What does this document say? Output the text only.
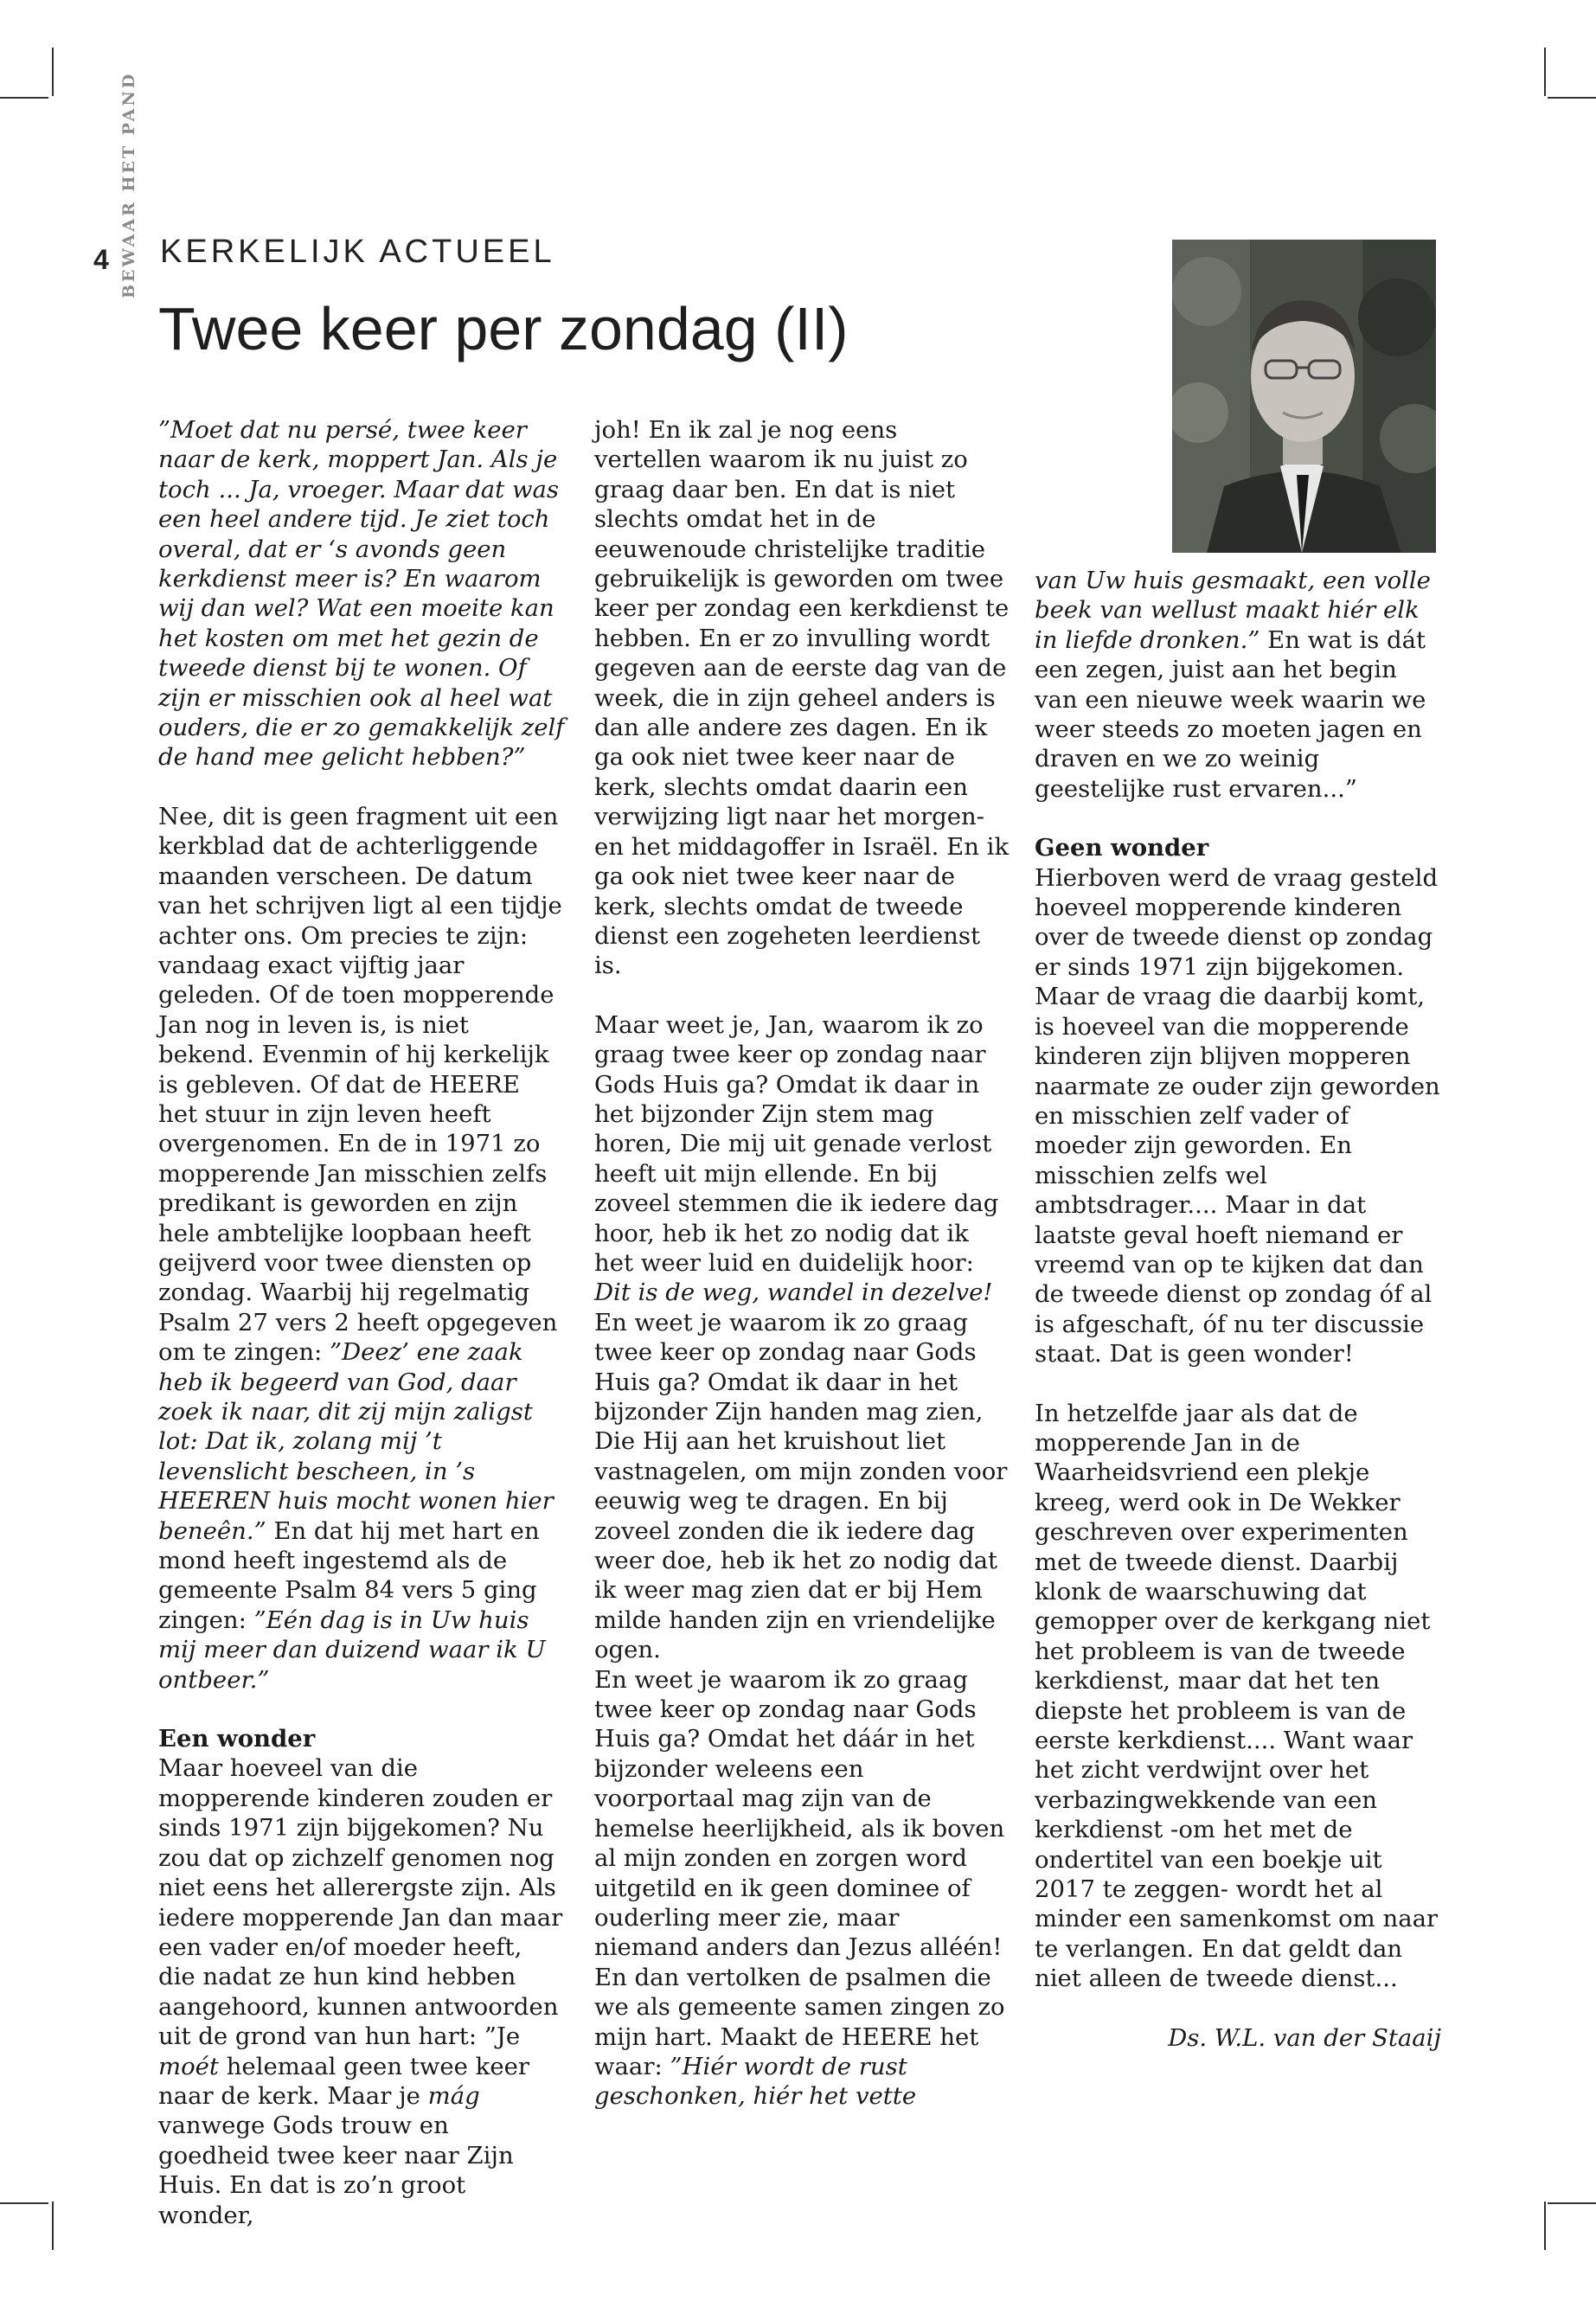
4 BEWAAR HET PAND KERKELIJK ACTUEEL
Twee keer per zondag (II)

”Moet dat nu persé, twee keer naar de kerk, moppert Jan. Als je toch ... Ja, vroeger. Maar dat was een heel andere tijd. Je ziet toch overal, dat er ‘s avonds geen kerkdienst meer is? En waarom wij dan wel? Wat een moeite kan het kosten om met het gezin de tweede dienst bij te wonen. Of zijn er misschien ook al heel wat ouders, die er zo gemakkelijk zelf de hand mee gelicht hebben?”

Nee, dit is geen fragment uit een kerkblad dat de achterliggende maanden verscheen. De datum van het schrijven ligt al een tijdje achter ons. Om precies te zijn: vandaag exact vijftig jaar geleden. Of de toen mopperende Jan nog in leven is, is niet bekend. Evenmin of hij kerkelijk is gebleven. Of dat de HEERE het stuur in zijn leven heeft overgenomen. En de in 1971 zo mopperende Jan misschien zelfs predikant is geworden en zijn hele ambtelijke loopbaan heeft geijverd voor twee diensten op zondag. Waarbij hij regelmatig Psalm 27 vers 2 heeft opgegeven om te zingen: ”Deez’ ene zaak heb ik begeerd van God, daar zoek ik naar, dit zij mijn zaligst lot: Dat ik, zolang mij ’t levenslicht bescheen, in ’s HEEREN huis mocht wonen hier beneên.” En dat hij met hart en mond heeft ingestemd als de gemeente Psalm 84 vers 5 ging zingen: ”Eén dag is in Uw huis mij meer dan duizend waar ik U ontbeer.”

Een wonder

Maar hoeveel van die mopperende kinderen zouden er sinds 1971 zijn bijgekomen? Nu zou dat op zichzelf genomen nog niet eens het allerergste zijn. Als iedere mopperende Jan dan maar een vader en/of moeder heeft, die nadat ze hun kind hebben aangehoord, kunnen antwoorden uit de grond van hun hart: ”Je moét helemaal geen twee keer naar de kerk. Maar je mág vanwege Gods trouw en goedheid twee keer naar Zijn Huis. En dat is zo’n groot wonder,

joh! En ik zal je nog eens vertellen waarom ik nu juist zo graag daar ben. En dat is niet slechts omdat het in de eeuwenoude christelijke traditie gebruikelijk is geworden om twee keer per zondag een kerkdienst te hebben. En er zo invulling wordt gegeven aan de eerste dag van de week, die in zijn geheel anders is dan alle andere zes dagen. En ik ga ook niet twee keer naar de kerk, slechts omdat daarin een verwijzing ligt naar het morgen- en het middagoffer in Israël. En ik ga ook niet twee keer naar de kerk, slechts omdat de tweede dienst een zogeheten leerdienst is.

Maar weet je, Jan, waarom ik zo graag twee keer op zondag naar Gods Huis ga? Omdat ik daar in het bijzonder Zijn stem mag horen, Die mij uit genade verlost heeft uit mijn ellende. En bij zoveel stemmen die ik iedere dag hoor, heb ik het zo nodig dat ik het weer luid en duidelijk hoor: Dit is de weg, wandel in dezelve! En weet je waarom ik zo graag twee keer op zondag naar Gods Huis ga? Omdat ik daar in het bijzonder Zijn handen mag zien, Die Hij aan het kruishout liet vastnagelen, om mijn zonden voor eeuwig weg te dragen. En bij zoveel zonden die ik iedere dag weer doe, heb ik het zo nodig dat ik weer mag zien dat er bij Hem milde handen zijn en vriendelijke ogen.

En weet je waarom ik zo graag twee keer op zondag naar Gods Huis ga? Omdat het dáár in het bijzonder weleens een voorportaal mag zijn van de hemelse heerlijkheid, als ik boven al mijn zonden en zorgen word uitgetild en ik geen dominee of ouderling meer zie, maar niemand anders dan Jezus alléén! En dan vertolken de psalmen die we als gemeente samen zingen zo mijn hart. Maakt de HEERE het waar: ”Hiér wordt de rust geschonken, hiér het vette

van Uw huis gesmaakt, een volle beek van wellust maakt hiér elk in liefde dronken.” En wat is dát een zegen, juist aan het begin van een nieuwe week waarin we weer steeds zo moeten jagen en draven en we zo weinig geestelijke rust ervaren...”

Geen wonder

Hierboven werd de vraag gesteld hoeveel mopperende kinderen over de tweede dienst op zondag er sinds 1971 zijn bijgekomen. Maar de vraag die daarbij komt, is hoeveel van die mopperende kinderen zijn blijven mopperen naarmate ze ouder zijn geworden en misschien zelf vader of moeder zijn geworden. En misschien zelfs wel ambtsdrager.... Maar in dat laatste geval hoeft niemand er vreemd van op te kijken dat dan de tweede dienst op zondag óf al is afgeschaft, óf nu ter discussie staat. Dat is geen wonder!

In hetzelfde jaar als dat de mopperende Jan in de Waarheidsvriend een plekje kreeg, werd ook in De Wekker geschreven over experimenten met de tweede dienst. Daarbij klonk de waarschuwing dat gemopper over de kerkgang niet het probleem is van de tweede kerkdienst, maar dat het ten diepste het probleem is van de eerste kerkdienst.... Want waar het zicht verdwijnt over het verbazingwekkende van een kerkdienst -om het met de ondertitel van een boekje uit 2017 te zeggen- wordt het al minder een samenkomst om naar te verlangen. En dat geldt dan niet alleen de tweede dienst...

Ds. W.L. van der Staaij
